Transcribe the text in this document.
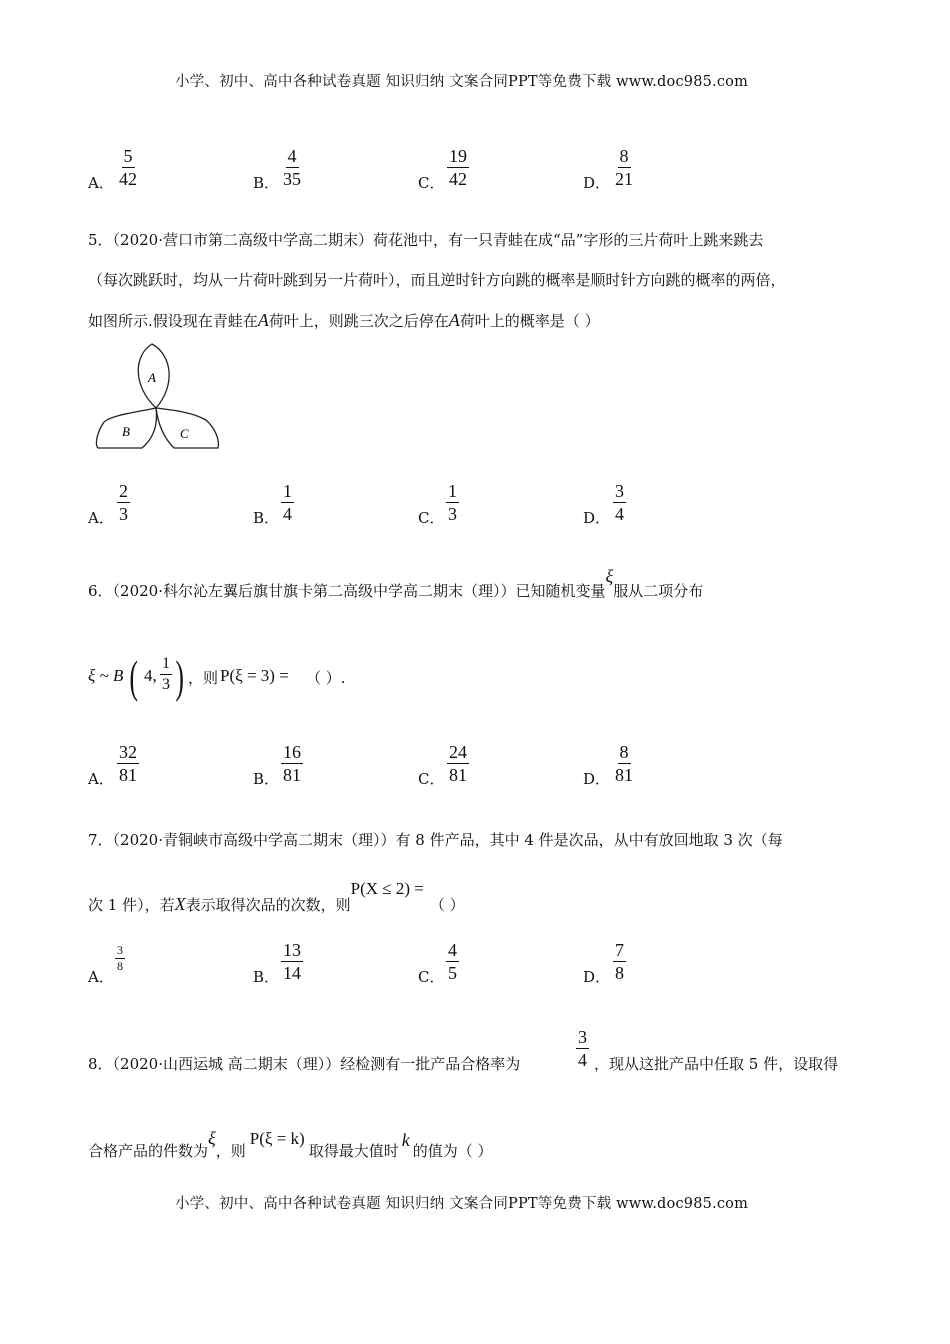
小学、初中、高中各种试卷真题 知识归纳 文案合同PPT等免费下载 www.doc985.com
A． $\frac{5}{42}$	B． $\frac{4}{35}$	C． $\frac{19}{42}$	D． $\frac{8}{21}$
5．（2020·营口市第二高级中学高二期末）荷花池中，有一只青蛙在成“品”字形的三片荷叶上跳来跳去
（每次跳跃时，均从一片荷叶跳到另一片荷叶），而且逆时针方向跳的概率是顺时针方向跳的概率的两倍，
如图所示.假设现在青蛙在A荷叶上，则跳三次之后停在A荷叶上的概率是（ ）
A
B	C
A． $\frac{2}{3}$	B． $\frac{1}{4}$	C． $\frac{1}{3}$	D． $\frac{3}{4}$
6．（2020·科尔沁左翼后旗甘旗卡第二高级中学高二期末（理））已知随机变量ξ服从二项分布
ξ ~ B ( 4, $\frac{1}{3}$ ) ，则 P(ξ = 3) = （ ）.
A． $\frac{32}{81}$	B． $\frac{16}{81}$	C． $\frac{24}{81}$	D． $\frac{8}{81}$
7．（2020·青铜峡市高级中学高二期末（理））有 8 件产品，其中 4 件是次品，从中有放回地取 3 次（每
次 1 件），若X表示取得次品的次数，则P(X ≤ 2) =（ ）
A．
$\frac{3}{8}$
B． $\frac{13}{14}$	C． $\frac{4}{5}$	D． $\frac{7}{8}$
8．（2020·山西运城 高二期末（理））经检测有一批产品合格率为	$\frac{3}{4}$ ，现从这批产品中任取 5 件，设取得
合格产品的件数为ξ，则P(ξ = k)取得最大值时k的值为（ ）
小学、初中、高中各种试卷真题 知识归纳 文案合同PPT等免费下载 www.doc985.com
